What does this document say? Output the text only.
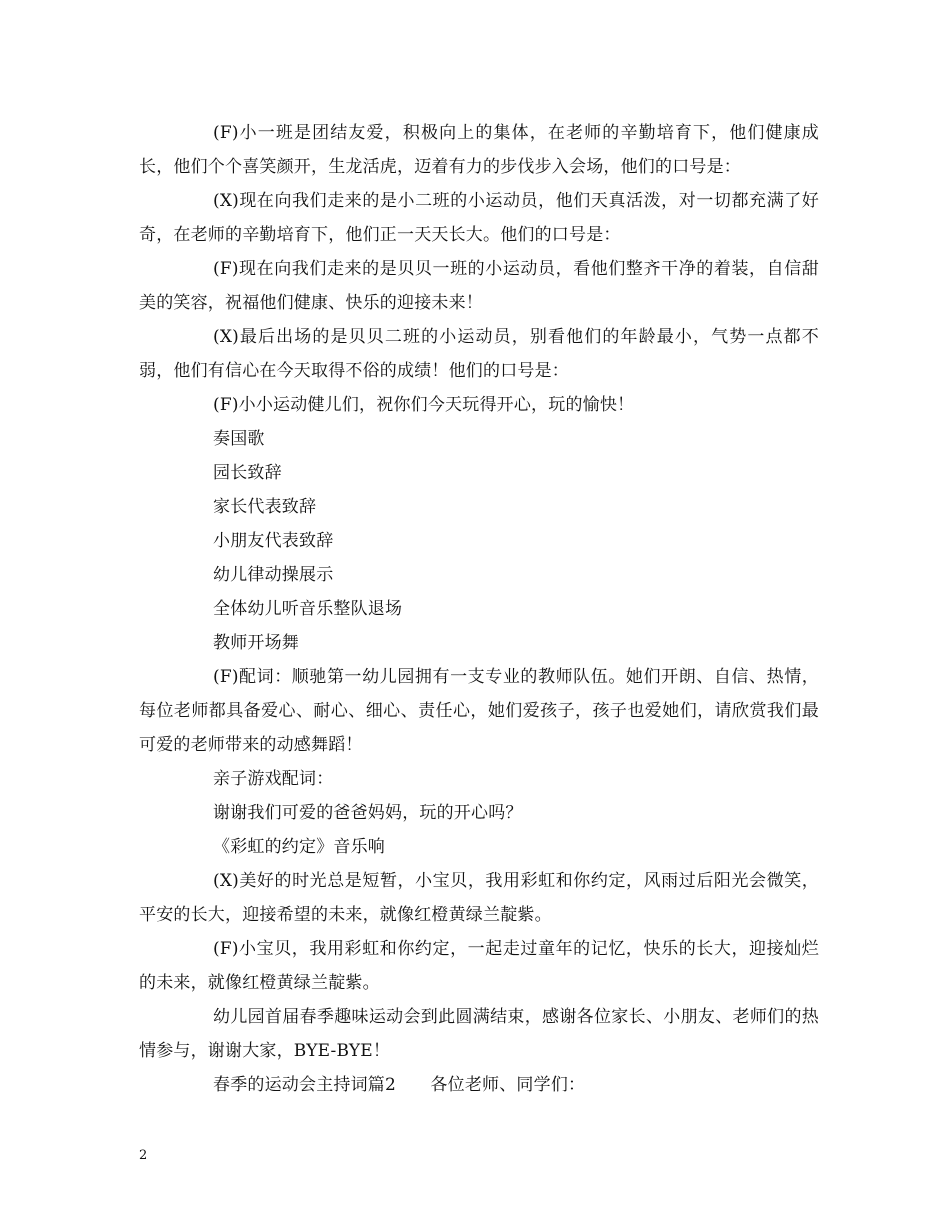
(F)小一班是团结友爱，积极向上的集体，在老师的辛勤培育下，他们健康成长，他们个个喜笑颜开，生龙活虎，迈着有力的步伐步入会场，他们的口号是：

(X)现在向我们走来的是小二班的小运动员，他们天真活泼，对一切都充满了好奇，在老师的辛勤培育下，他们正一天天长大。他们的口号是：

(F)现在向我们走来的是贝贝一班的小运动员，看他们整齐干净的着装，自信甜美的笑容，祝福他们健康、快乐的迎接未来！

(X)最后出场的是贝贝二班的小运动员，别看他们的年龄最小，气势一点都不弱，他们有信心在今天取得不俗的成绩！他们的口号是：

(F)小小运动健儿们，祝你们今天玩得开心，玩的愉快！

奏国歌

园长致辞

家长代表致辞

小朋友代表致辞

幼儿律动操展示

全体幼儿听音乐整队退场

教师开场舞

(F)配词：顺驰第一幼儿园拥有一支专业的教师队伍。她们开朗、自信、热情，每位老师都具备爱心、耐心、细心、责任心，她们爱孩子，孩子也爱她们，请欣赏我们最可爱的老师带来的动感舞蹈！

亲子游戏配词：

谢谢我们可爱的爸爸妈妈，玩的开心吗？

《彩虹的约定》音乐响

(X)美好的时光总是短暂，小宝贝，我用彩虹和你约定，风雨过后阳光会微笑，平安的长大，迎接希望的未来，就像红橙黄绿兰靛紫。

(F)小宝贝，我用彩虹和你约定，一起走过童年的记忆，快乐的长大，迎接灿烂的未来，就像红橙黄绿兰靛紫。

幼儿园首届春季趣味运动会到此圆满结束，感谢各位家长、小朋友、老师们的热情参与，谢谢大家，BYE-BYE！

春季的运动会主持词篇2　　各位老师、同学们：

2
